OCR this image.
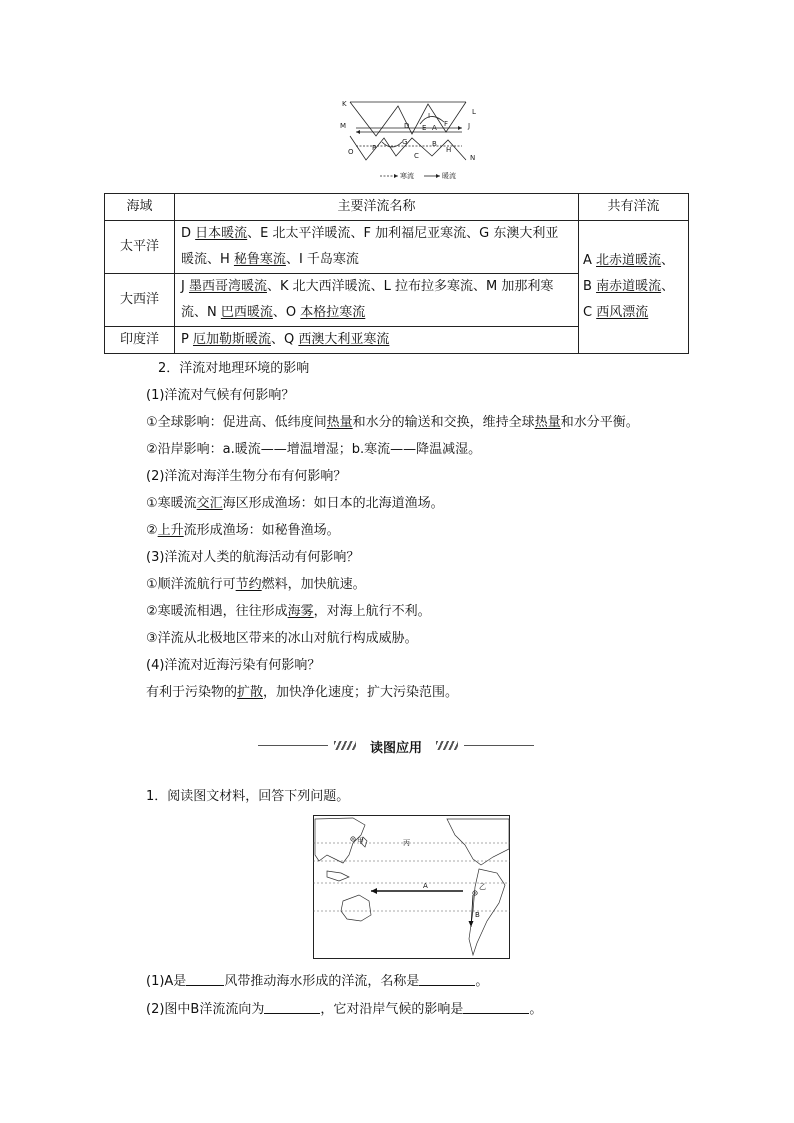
K
L
M
I
D E A F	J
O	P
G
C
B
H
N
寒流	暖流
海域	主要洋流名称	共有洋流
太平洋	D 日本暖流、E 北太平洋暖流、F 加利福尼亚寒流、G 东澳大利亚
暖流、H 秘鲁寒流、I 千岛寒流	A 北赤道暖流、
B 南赤道暖流、
C 西风漂流
大西洋	J 墨西哥湾暖流、K 北大西洋暖流、L 拉布拉多寒流、M 加那利寒
流、N 巴西暖流、O 本格拉寒流	
印度洋	P 厄加勒斯暖流、Q 西澳大利亚寒流	
2．洋流对地理环境的影响
(1)洋流对气候有何影响？
①全球影响：促进高、低纬度间热量和水分的输送和交换，维持全球热量和水分平衡。
②沿岸影响：a.暖流——增温增湿；b.寒流——降温减湿。
(2)洋流对海洋生物分布有何影响？
①寒暖流交汇海区形成渔场：如日本的北海道渔场。
②上升流形成渔场：如秘鲁渔场。
(3)洋流对人类的航海活动有何影响？
①顺洋流航行可节约燃料，加快航速。
②寒暖流相遇，往往形成海雾，对海上航行不利。
③洋流从北极地区带来的冰山对航行构成威胁。
(4)洋流对近海污染有何影响？
有利于污染物的扩散，加快净化速度；扩大污染范围。
读图应用
1．阅读图文材料，回答下列问题。
甲	丙
乙
A
B
(1)A是	风带推动海水形成的洋流，名称是	。
(2)图中B洋流流向为	，它对沿岸气候的影响是	。
